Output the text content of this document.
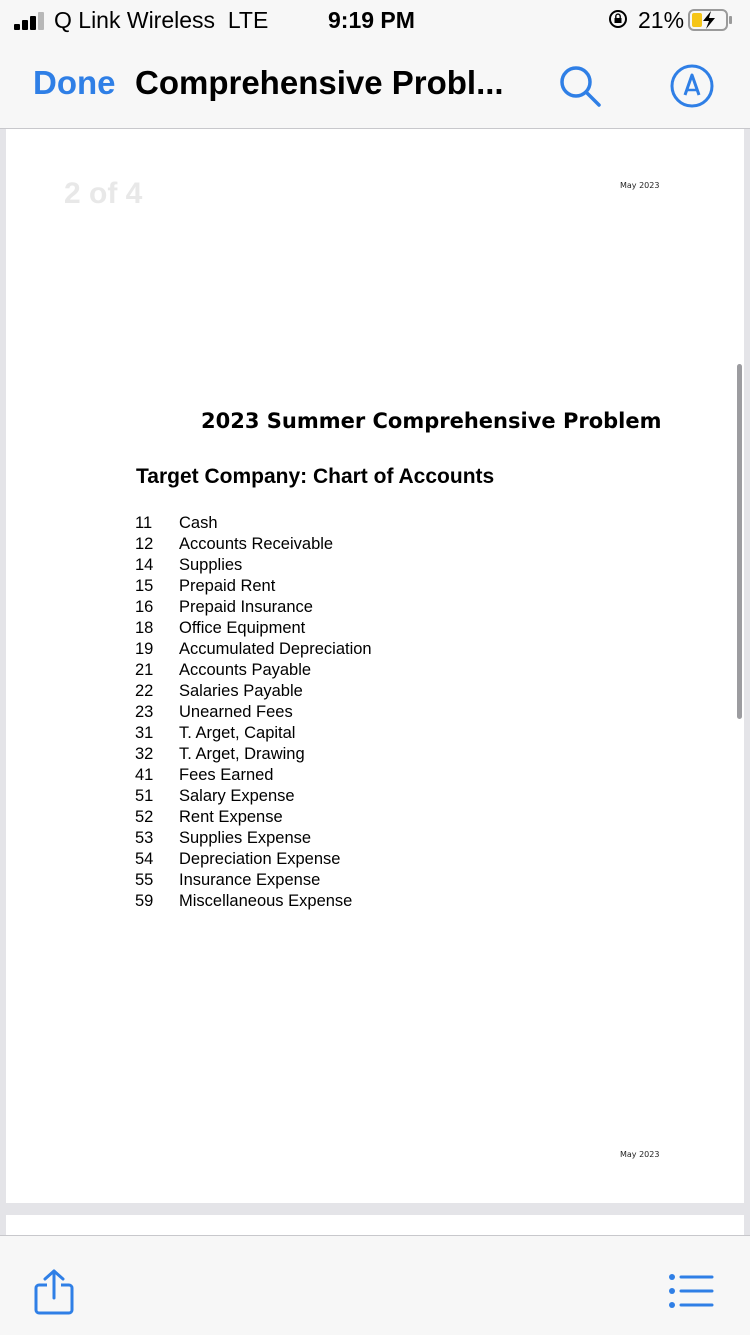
Q Link Wireless LTE	9:19 PM	21%
Done Comprehensive Probl...
2 of 4	May 2023
2023 Summer Comprehensive Problem
Target Company: Chart of Accounts
11 Cash
12 Accounts Receivable
14 Supplies
15 Prepaid Rent
16 Prepaid Insurance
18 Office Equipment
19 Accumulated Depreciation
21 Accounts Payable
22 Salaries Payable
23 Unearned Fees
31 T. Arget, Capital
32 T. Arget, Drawing
41 Fees Earned
51 Salary Expense
52 Rent Expense
53 Supplies Expense
54 Depreciation Expense
55 Insurance Expense
59 Miscellaneous Expense
May 2023
